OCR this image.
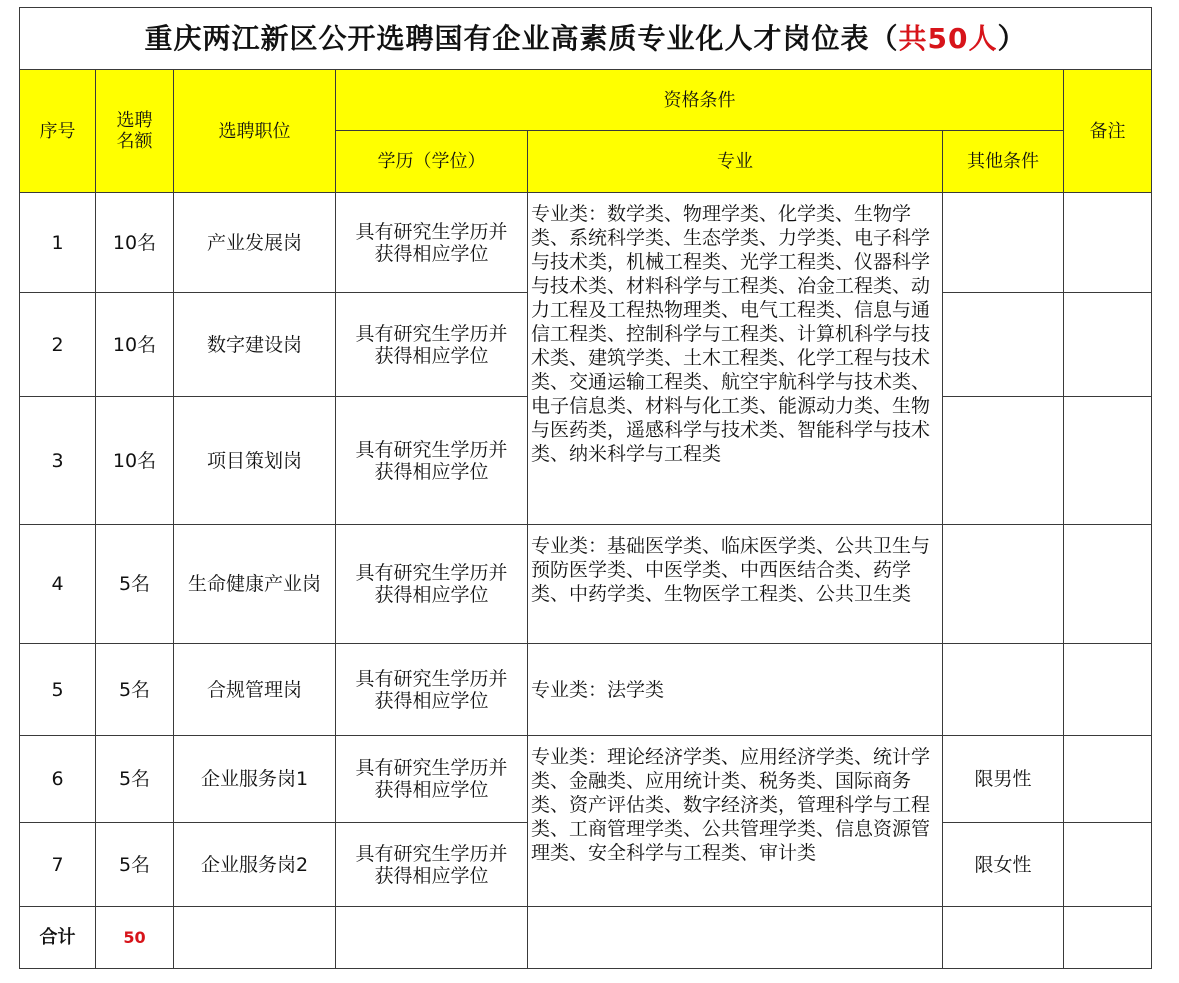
重庆两江新区公开选聘国有企业高素质专业化人才岗位表（共50人）						
序号	选聘名额	选聘职位	资格条件			备注
			学历（学位）	专业	其他条件	
1	10名	产业发展岗	具有研究生学历并获得相应学位	专业类：数学类、物理学类、化学类、生物学类、系统科学类、生态学类、力学类、电子科学与技术类，机械工程类、光学工程类、仪器科学与技术类、材料科学与工程类、冶金工程类、动力工程及工程热物理类、电气工程类、信息与通信工程类、控制科学与工程类、计算机科学与技术类、建筑学类、土木工程类、化学工程与技术类、交通运输工程类、航空宇航科学与技术类、电子信息类、材料与化工类、能源动力类、生物与医药类，遥感科学与技术类、智能科学与技术类、纳米科学与工程类		
2	10名	数字建设岗	具有研究生学历并获得相应学位			
3	10名	项目策划岗	具有研究生学历并获得相应学位			
4	5名	生命健康产业岗	具有研究生学历并获得相应学位	专业类：基础医学类、临床医学类、公共卫生与预防医学类、中医学类、中西医结合类、药学类、中药学类、生物医学工程类、公共卫生类		
5	5名	合规管理岗	具有研究生学历并获得相应学位	专业类：法学类		
6	5名	企业服务岗1	具有研究生学历并获得相应学位	专业类：理论经济学类、应用经济学类、统计学类、金融类、应用统计类、税务类、国际商务类、资产评估类、数字经济类，管理科学与工程类、工商管理学类、公共管理学类、信息资源管理类、安全科学与工程类、审计类	限男性	
7	5名	企业服务岗2	具有研究生学历并获得相应学位		限女性	
合计	50					
